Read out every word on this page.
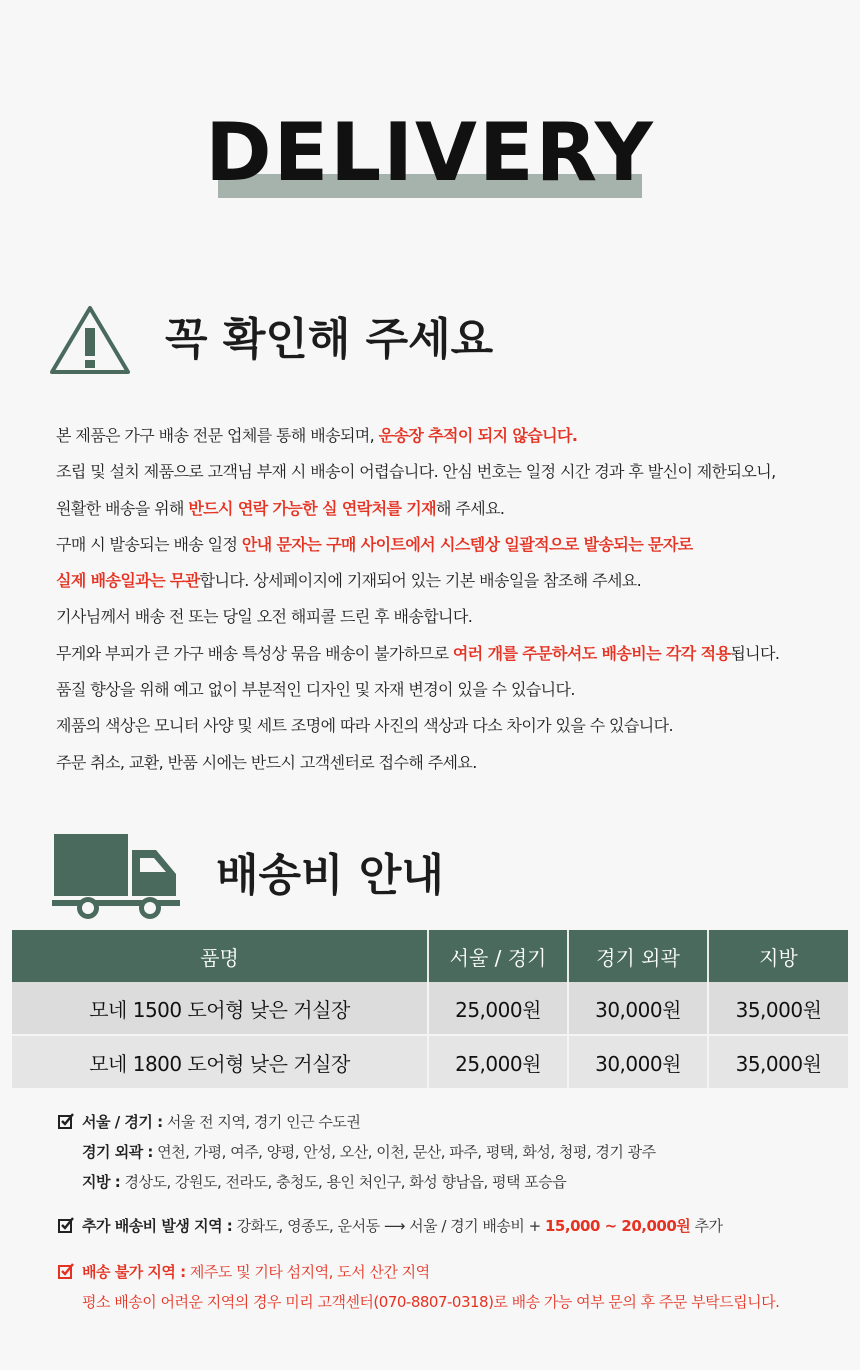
DELIVERY
꼭 확인해 주세요
본 제품은 가구 배송 전문 업체를 통해 배송되며, 운송장 추적이 되지 않습니다.
조립 및 설치 제품으로 고객님 부재 시 배송이 어렵습니다. 안심 번호는 일정 시간 경과 후 발신이 제한되오니,
원활한 배송을 위해 반드시 연락 가능한 실 연락처를 기재해 주세요.
구매 시 발송되는 배송 일정 안내 문자는 구매 사이트에서 시스템상 일괄적으로 발송되는 문자로
실제 배송일과는 무관합니다. 상세페이지에 기재되어 있는 기본 배송일을 참조해 주세요.
기사님께서 배송 전 또는 당일 오전 해피콜 드린 후 배송합니다.
무게와 부피가 큰 가구 배송 특성상 묶음 배송이 불가하므로 여러 개를 주문하셔도 배송비는 각각 적용됩니다.
품질 향상을 위해 예고 없이 부분적인 디자인 및 자재 변경이 있을 수 있습니다.
제품의 색상은 모니터 사양 및 세트 조명에 따라 사진의 색상과 다소 차이가 있을 수 있습니다.
주문 취소, 교환, 반품 시에는 반드시 고객센터로 접수해 주세요.
배송비 안내
품명	서울 / 경기	경기 외곽	지방
모네 1500 도어형 낮은 거실장	25,000원	30,000원	35,000원
모네 1800 도어형 낮은 거실장	25,000원	30,000원	35,000원
서울 / 경기 : 서울 전 지역, 경기 인근 수도권
경기 외곽 : 연천, 가평, 여주, 양평, 안성, 오산, 이천, 문산, 파주, 평택, 화성, 청평, 경기 광주
지방 : 경상도, 강원도, 전라도, 충청도, 용인 처인구, 화성 향남읍, 평택 포승읍
추가 배송비 발생 지역 : 강화도, 영종도, 운서동 ⟶ 서울 / 경기 배송비 + 15,000 ~ 20,000원 추가
배송 불가 지역 : 제주도 및 기타 섬지역, 도서 산간 지역
평소 배송이 어려운 지역의 경우 미리 고객센터(070-8807-0318)로 배송 가능 여부 문의 후 주문 부탁드립니다.
